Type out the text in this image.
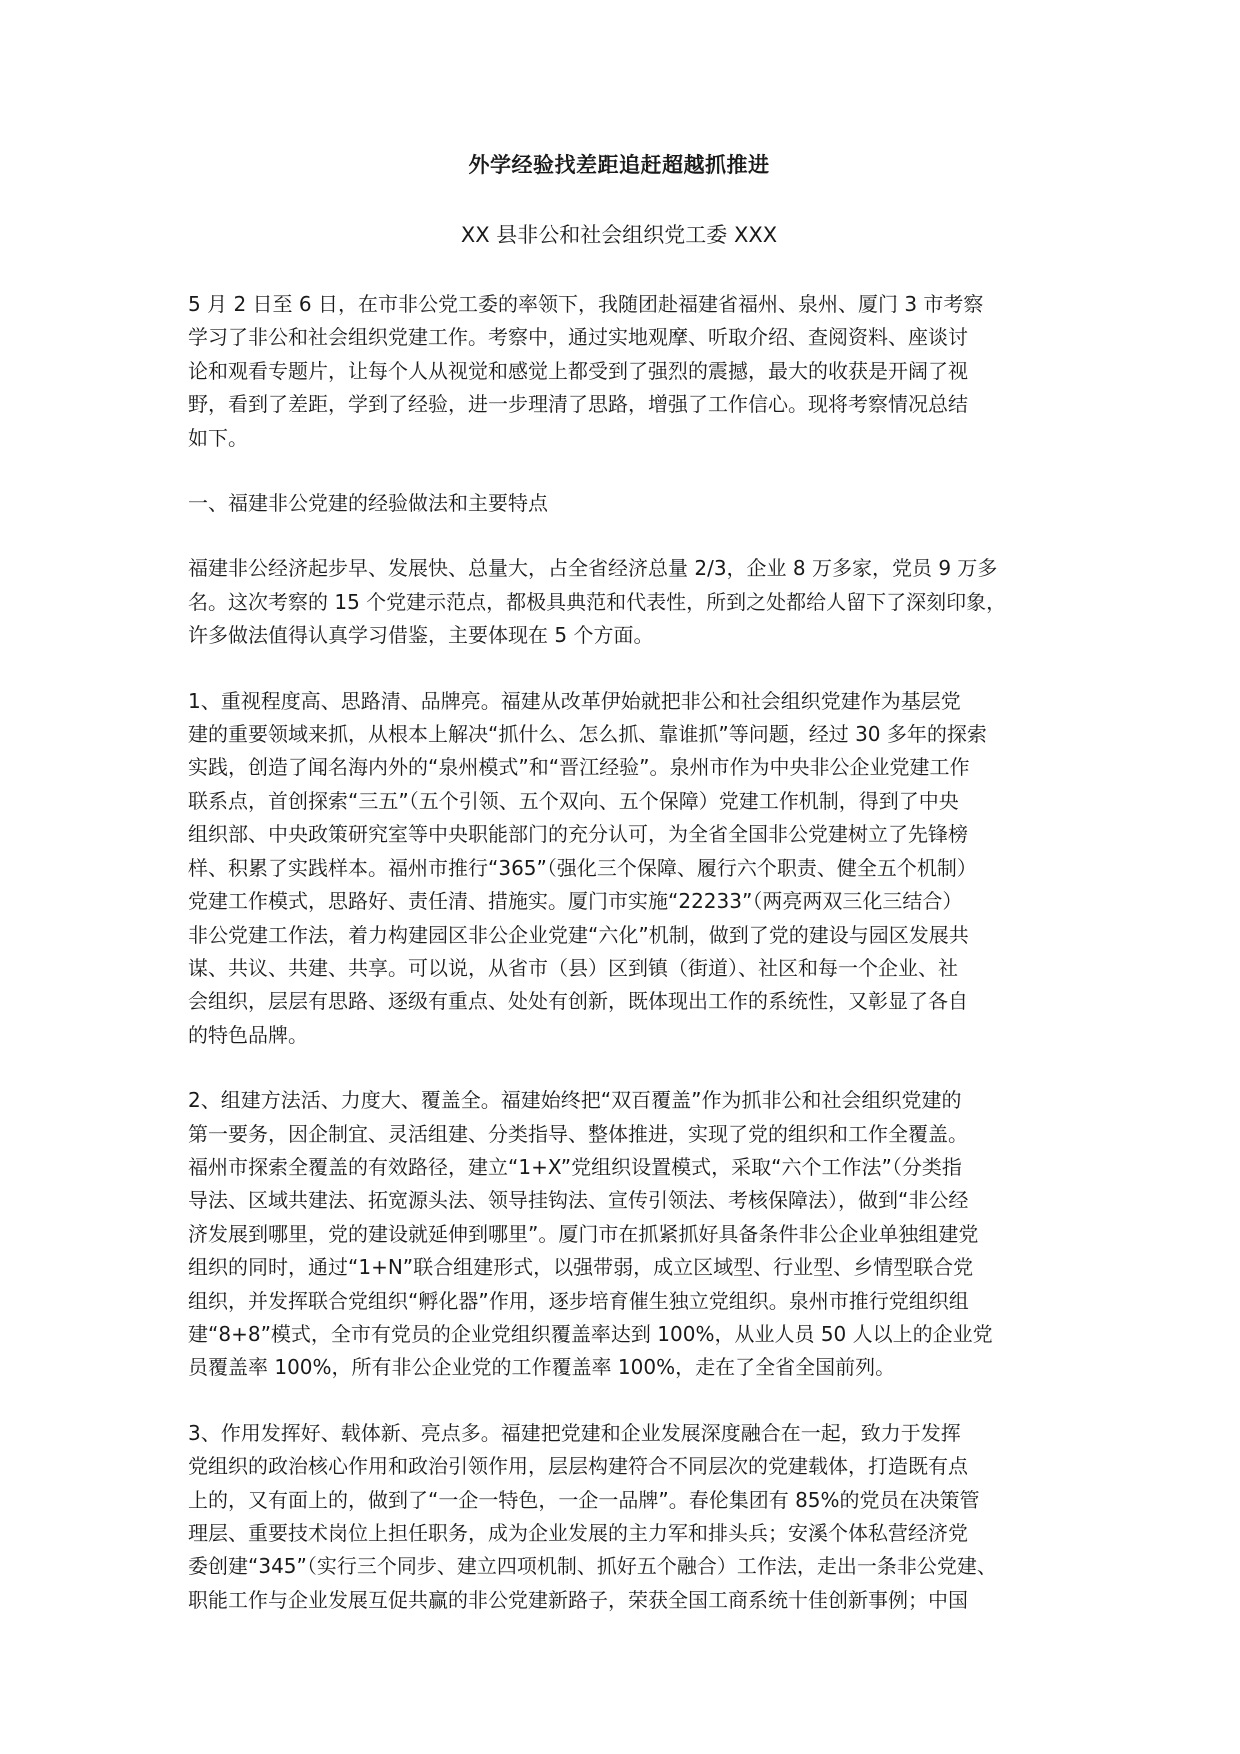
外学经验找差距追赶超越抓推进
XX 县非公和社会组织党工委 XXX
5 月 2 日至 6 日，在市非公党工委的率领下，我随团赴福建省福州、泉州、厦门 3 市考察
学习了非公和社会组织党建工作。考察中，通过实地观摩、听取介绍、查阅资料、座谈讨
论和观看专题片，让每个人从视觉和感觉上都受到了强烈的震撼，最大的收获是开阔了视
野，看到了差距，学到了经验，进一步理清了思路，增强了工作信心。现将考察情况总结
如下。
一、福建非公党建的经验做法和主要特点
福建非公经济起步早、发展快、总量大，占全省经济总量 2/3，企业 8 万多家，党员 9 万多
名。这次考察的 15 个党建示范点，都极具典范和代表性，所到之处都给人留下了深刻印象，
许多做法值得认真学习借鉴，主要体现在 5 个方面。
1、重视程度高、思路清、品牌亮。福建从改革伊始就把非公和社会组织党建作为基层党
建的重要领域来抓，从根本上解决“抓什么、怎么抓、靠谁抓”等问题，经过 30 多年的探索
实践，创造了闻名海内外的“泉州模式”和“晋江经验”。泉州市作为中央非公企业党建工作
联系点，首创探索“三五”（五个引领、五个双向、五个保障）党建工作机制，得到了中央
组织部、中央政策研究室等中央职能部门的充分认可，为全省全国非公党建树立了先锋榜
样、积累了实践样本。福州市推行“365”（强化三个保障、履行六个职责、健全五个机制）
党建工作模式，思路好、责任清、措施实。厦门市实施“22233”（两亮两双三化三结合）
非公党建工作法，着力构建园区非公企业党建“六化”机制，做到了党的建设与园区发展共
谋、共议、共建、共享。可以说，从省市（县）区到镇（街道）、社区和每一个企业、社
会组织，层层有思路、逐级有重点、处处有创新，既体现出工作的系统性，又彰显了各自
的特色品牌。
2、组建方法活、力度大、覆盖全。福建始终把“双百覆盖”作为抓非公和社会组织党建的
第一要务，因企制宜、灵活组建、分类指导、整体推进，实现了党的组织和工作全覆盖。
福州市探索全覆盖的有效路径，建立“1+X”党组织设置模式，采取“六个工作法”（分类指
导法、区域共建法、拓宽源头法、领导挂钩法、宣传引领法、考核保障法），做到“非公经
济发展到哪里，党的建设就延伸到哪里”。厦门市在抓紧抓好具备条件非公企业单独组建党
组织的同时，通过“1+N”联合组建形式，以强带弱，成立区域型、行业型、乡情型联合党
组织，并发挥联合党组织“孵化器”作用，逐步培育催生独立党组织。泉州市推行党组织组
建“8+8”模式，全市有党员的企业党组织覆盖率达到 100%，从业人员 50 人以上的企业党
员覆盖率 100%，所有非公企业党的工作覆盖率 100%，走在了全省全国前列。
3、作用发挥好、载体新、亮点多。福建把党建和企业发展深度融合在一起，致力于发挥
党组织的政治核心作用和政治引领作用，层层构建符合不同层次的党建载体，打造既有点
上的，又有面上的，做到了“一企一特色，一企一品牌”。春伦集团有 85%的党员在决策管
理层、重要技术岗位上担任职务，成为企业发展的主力军和排头兵；安溪个体私营经济党
委创建“345”（实行三个同步、建立四项机制、抓好五个融合）工作法，走出一条非公党建、
职能工作与企业发展互促共赢的非公党建新路子，荣获全国工商系统十佳创新事例；中国
